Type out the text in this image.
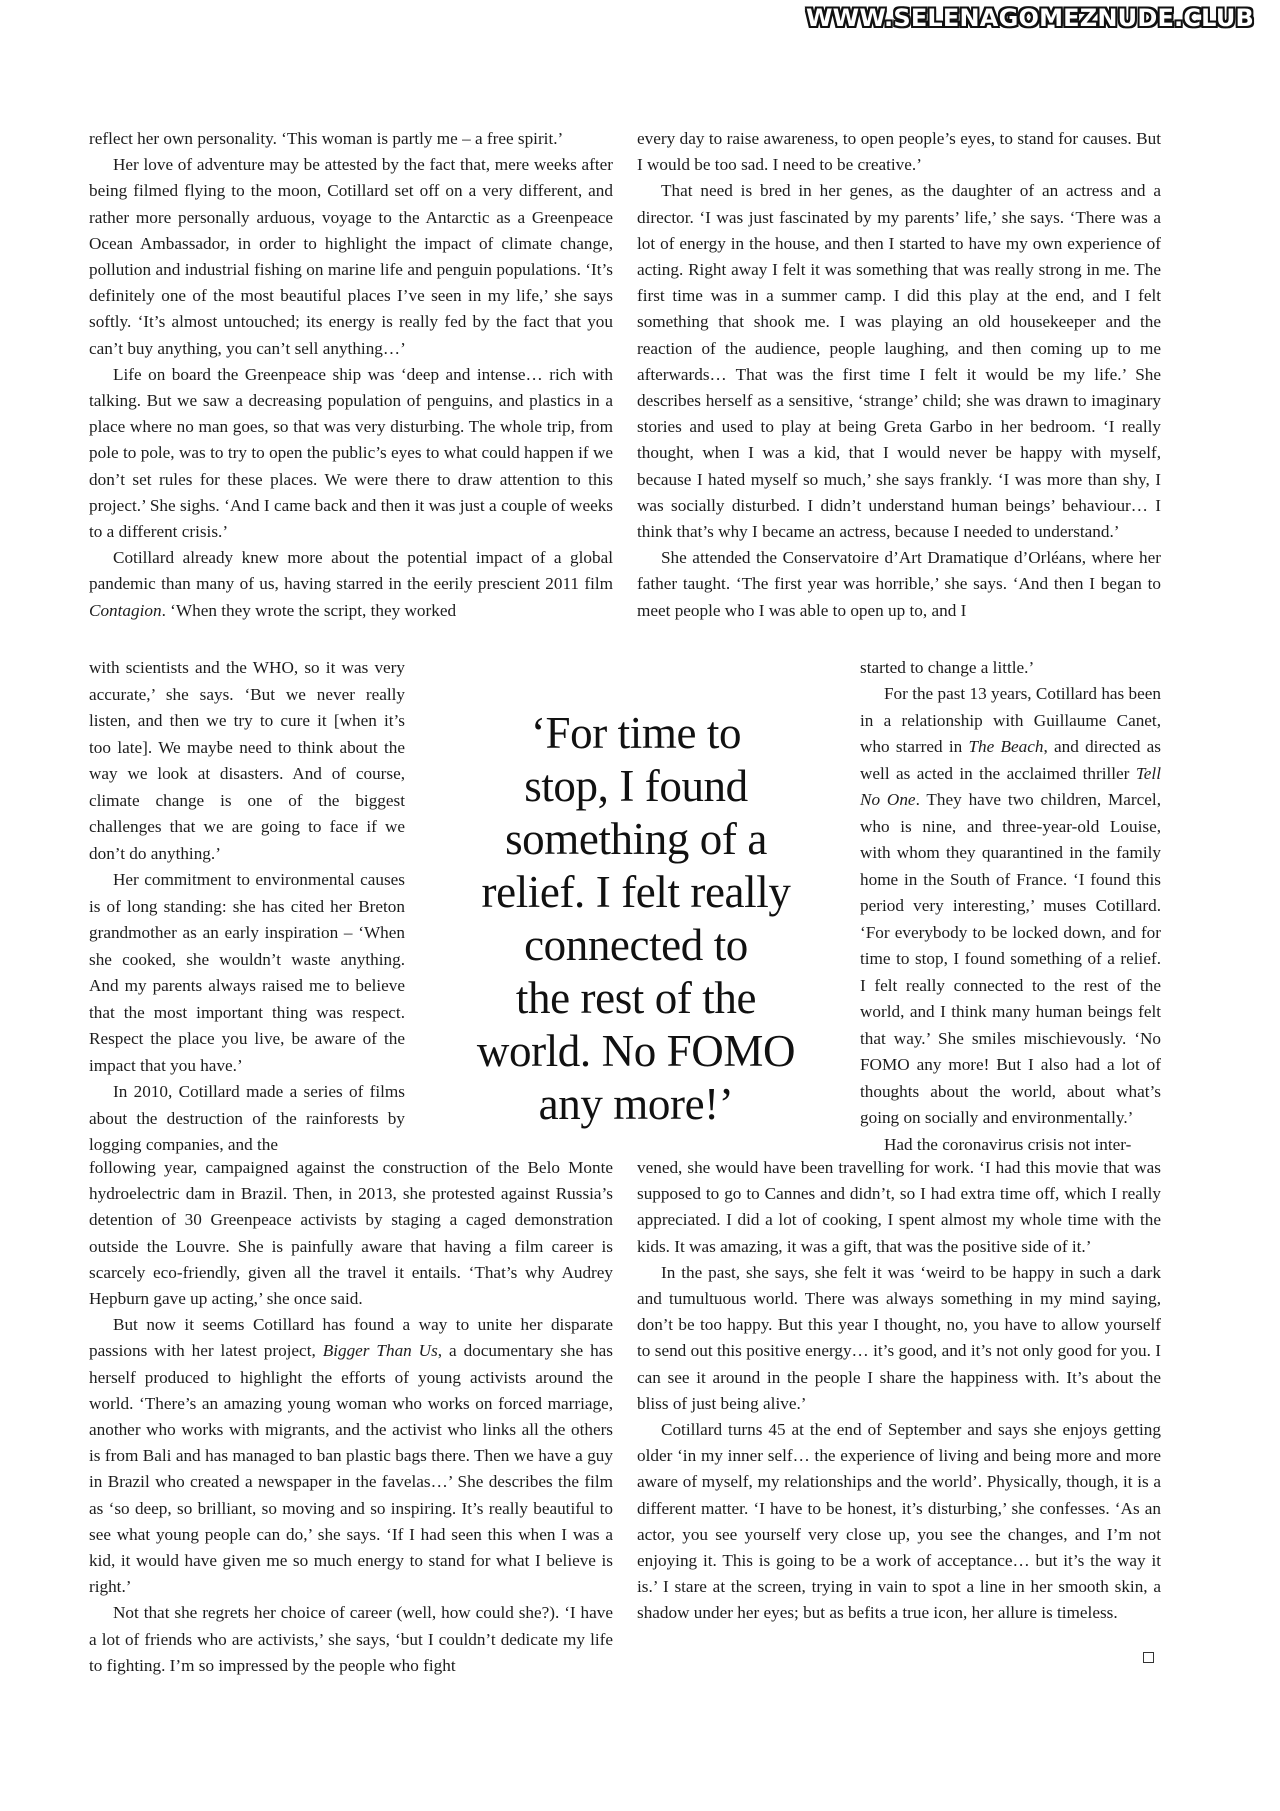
WWW.SELENAGOMEZNUDE.CLUB

reflect her own personality. ‘This woman is partly me – a free spirit.’

Her love of adventure may be attested by the fact that, mere weeks after being filmed flying to the moon, Cotillard set off on a very different, and rather more personally arduous, voyage to the Antarctic as a Greenpeace Ocean Ambassador, in order to highlight the impact of climate change, pollution and industrial fishing on marine life and penguin populations. ‘It’s definitely one of the most beautiful places I’ve seen in my life,’ she says softly. ‘It’s almost untouched; its energy is really fed by the fact that you can’t buy anything, you can’t sell anything…’

Life on board the Greenpeace ship was ‘deep and intense… rich with talking. But we saw a decreasing population of penguins, and plastics in a place where no man goes, so that was very disturbing. The whole trip, from pole to pole, was to try to open the public’s eyes to what could happen if we don’t set rules for these places. We were there to draw attention to this project.’ She sighs. ‘And I came back and then it was just a couple of weeks to a different crisis.’

Cotillard already knew more about the potential impact of a global pandemic than many of us, having starred in the eerily prescient 2011 film Contagion. ‘When they wrote the script, they worked

with scientists and the WHO, so it was very accurate,’ she says. ‘But we never really listen, and then we try to cure it [when it’s too late]. We maybe need to think about the way we look at disasters. And of course, climate change is one of the biggest challenges that we are going to face if we don’t do anything.’

Her commitment to environmental causes is of long standing: she has cited her Breton grandmother as an early inspiration – ‘When she cooked, she wouldn’t waste anything. And my parents always raised me to believe that the most important thing was respect. Respect the place you live, be aware of the impact that you have.’

In 2010, Cotillard made a series of films about the destruction of the rainforests by logging companies, and the

following year, campaigned against the construction of the Belo Monte hydroelectric dam in Brazil. Then, in 2013, she protested against Russia’s detention of 30 Greenpeace activists by staging a caged demonstration outside the Louvre. She is painfully aware that having a film career is scarcely eco-friendly, given all the travel it entails. ‘That’s why Audrey Hepburn gave up acting,’ she once said.

But now it seems Cotillard has found a way to unite her disparate passions with her latest project, Bigger Than Us, a documentary she has herself produced to highlight the efforts of young activists around the world. ‘There’s an amazing young woman who works on forced marriage, another who works with migrants, and the activist who links all the others is from Bali and has managed to ban plastic bags there. Then we have a guy in Brazil who created a newspaper in the favelas…’ She describes the film as ‘so deep, so brilliant, so moving and so inspiring. It’s really beautiful to see what young people can do,’ she says. ‘If I had seen this when I was a kid, it would have given me so much energy to stand for what I believe is right.’

Not that she regrets her choice of career (well, how could she?). ‘I have a lot of friends who are activists,’ she says, ‘but I couldn’t dedicate my life to fighting. I’m so impressed by the people who fight

‘For time to
stop, I found
something of a
relief. I felt really
connected to
the rest of the
world. No FOMO
any more!’

every day to raise awareness, to open people’s eyes, to stand for causes. But I would be too sad. I need to be creative.’

That need is bred in her genes, as the daughter of an actress and a director. ‘I was just fascinated by my parents’ life,’ she says. ‘There was a lot of energy in the house, and then I started to have my own experience of acting. Right away I felt it was something that was really strong in me. The first time was in a summer camp. I did this play at the end, and I felt something that shook me. I was playing an old housekeeper and the reaction of the audience, people laughing, and then coming up to me afterwards… That was the first time I felt it would be my life.’ She describes herself as a sensitive, ‘strange’ child; she was drawn to imaginary stories and used to play at being Greta Garbo in her bedroom. ‘I really thought, when I was a kid, that I would never be happy with myself, because I hated myself so much,’ she says frankly. ‘I was more than shy, I was socially disturbed. I didn’t understand human beings’ behaviour… I think that’s why I became an actress, because I needed to understand.’

She attended the Conservatoire d’Art Dramatique d’Orléans, where her father taught. ‘The first year was horrible,’ she says. ‘And then I began to meet people who I was able to open up to, and I

started to change a little.’

For the past 13 years, Cotillard has been in a relationship with Guillaume Canet, who starred in The Beach, and directed as well as acted in the acclaimed thriller Tell No One. They have two children, Marcel, who is nine, and three-year-old Louise, with whom they quarantined in the family home in the South of France. ‘I found this period very interesting,’ muses Cotillard. ‘For everybody to be locked down, and for time to stop, I found something of a relief. I felt really connected to the rest of the world, and I think many human beings felt that way.’ She smiles mischievously. ‘No FOMO any more! But I also had a lot of thoughts about the world, about what’s going on socially and environmentally.’

Had the coronavirus crisis not inter-

vened, she would have been travelling for work. ‘I had this movie that was supposed to go to Cannes and didn’t, so I had extra time off, which I really appreciated. I did a lot of cooking, I spent almost my whole time with the kids. It was amazing, it was a gift, that was the positive side of it.’

In the past, she says, she felt it was ‘weird to be happy in such a dark and tumultuous world. There was always something in my mind saying, don’t be too happy. But this year I thought, no, you have to allow yourself to send out this positive energy… it’s good, and it’s not only good for you. I can see it around in the people I share the happiness with. It’s about the bliss of just being alive.’

Cotillard turns 45 at the end of September and says she enjoys getting older ‘in my inner self… the experience of living and being more and more aware of myself, my relationships and the world’. Physically, though, it is a different matter. ‘I have to be honest, it’s disturbing,’ she confesses. ‘As an actor, you see yourself very close up, you see the changes, and I’m not enjoying it. This is going to be a work of acceptance… but it’s the way it is.’ I stare at the screen, trying in vain to spot a line in her smooth skin, a shadow under her eyes; but as befits a true icon, her allure is timeless.
